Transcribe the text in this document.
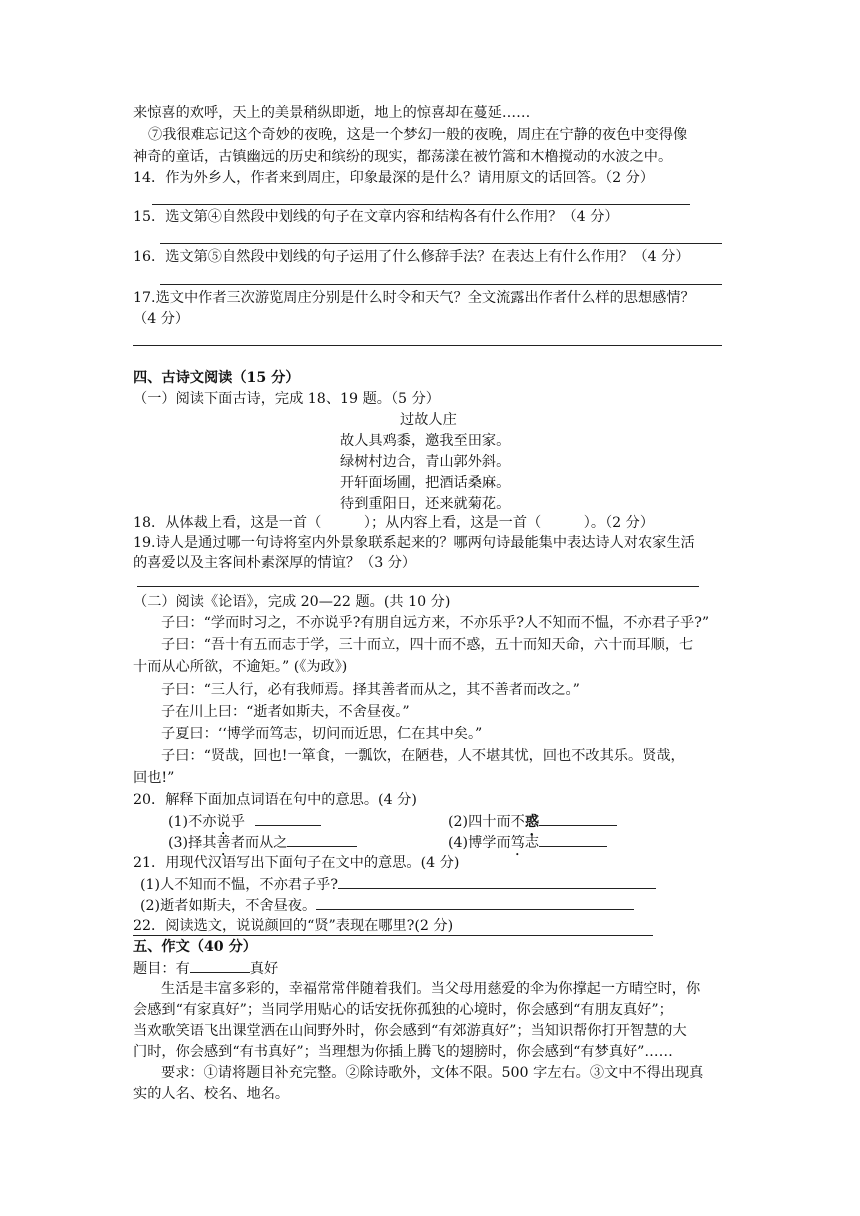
来惊喜的欢呼，天上的美景稍纵即逝，地上的惊喜却在蔓延……
⑦我很难忘记这个奇妙的夜晚，这是一个梦幻一般的夜晚，周庄在宁静的夜色中变得像
神奇的童话，古镇幽远的历史和缤纷的现实，都荡漾在被竹篙和木橹搅动的水波之中。
14．作为外乡人，作者来到周庄，印象最深的是什么？请用原文的话回答。（2 分）
15．选文第④自然段中划线的句子在文章内容和结构各有什么作用？（4 分）
16．选文第⑤自然段中划线的句子运用了什么修辞手法？在表达上有什么作用？（4 分）
17.选文中作者三次游览周庄分别是什么时令和天气？全文流露出作者什么样的思想感情？
（4 分）
四、古诗文阅读（15 分）
（一）阅读下面古诗，完成 18、19 题。（5 分）
过故人庄
故人具鸡黍，邀我至田家。
绿树村边合，青山郭外斜。
开轩面场圃，把酒话桑麻。
待到重阳日，还来就菊花。
18．从体裁上看，这是一首（　　　）；从内容上看，这是一首（　　　）。（2 分）
19.诗人是通过哪一句诗将室内外景象联系起来的？哪两句诗最能集中表达诗人对农家生活
的喜爱以及主客间朴素深厚的情谊？（3 分）
（二）阅读《论语》，完成 20—22 题。(共 10 分)
子曰：“学而时习之，不亦说乎?有朋自远方来，不亦乐乎?人不知而不愠，不亦君子乎?”
子曰：“吾十有五而志于学，三十而立，四十而不惑，五十而知天命，六十而耳顺，七
十而从心所欲，不逾矩。” (《为政》)
子曰：“三人行，必有我师焉。择其善者而从之，其不善者而改之。”
子在川上曰：“逝者如斯夫，不舍昼夜。”
子夏曰：‘‘博学而笃志，切问而近思，仁在其中矣。”
子曰：“贤哉，回也!一箪食，一瓢饮，在陋巷，人不堪其忧，回也不改其乐。贤哉，
回也!”
20．解释下面加点词语在句中的意思。(4 分)
(1)不亦说乎	(2)四十而不惑
(3)择其善者而从之	(4)博学而笃志
21．用现代汉语写出下面句子在文中的意思。(4 分)
(1)人不知而不愠，不亦君子乎?
(2)逝者如斯夫，不舍昼夜。
22．阅读选文，说说颜回的“贤”表现在哪里?(2 分)
五、作文（40 分）
题目：有	真好
生活是丰富多彩的，幸福常常伴随着我们。当父母用慈爱的伞为你撑起一方晴空时，你
会感到“有家真好”；当同学用贴心的话安抚你孤独的心境时，你会感到“有朋友真好”；
当欢歌笑语飞出课堂洒在山间野外时，你会感到“有郊游真好”；当知识帮你打开智慧的大
门时，你会感到“有书真好”；当理想为你插上腾飞的翅膀时，你会感到“有梦真好”……
要求：①请将题目补充完整。②除诗歌外，文体不限。500 字左右。③文中不得出现真
实的人名、校名、地名。
